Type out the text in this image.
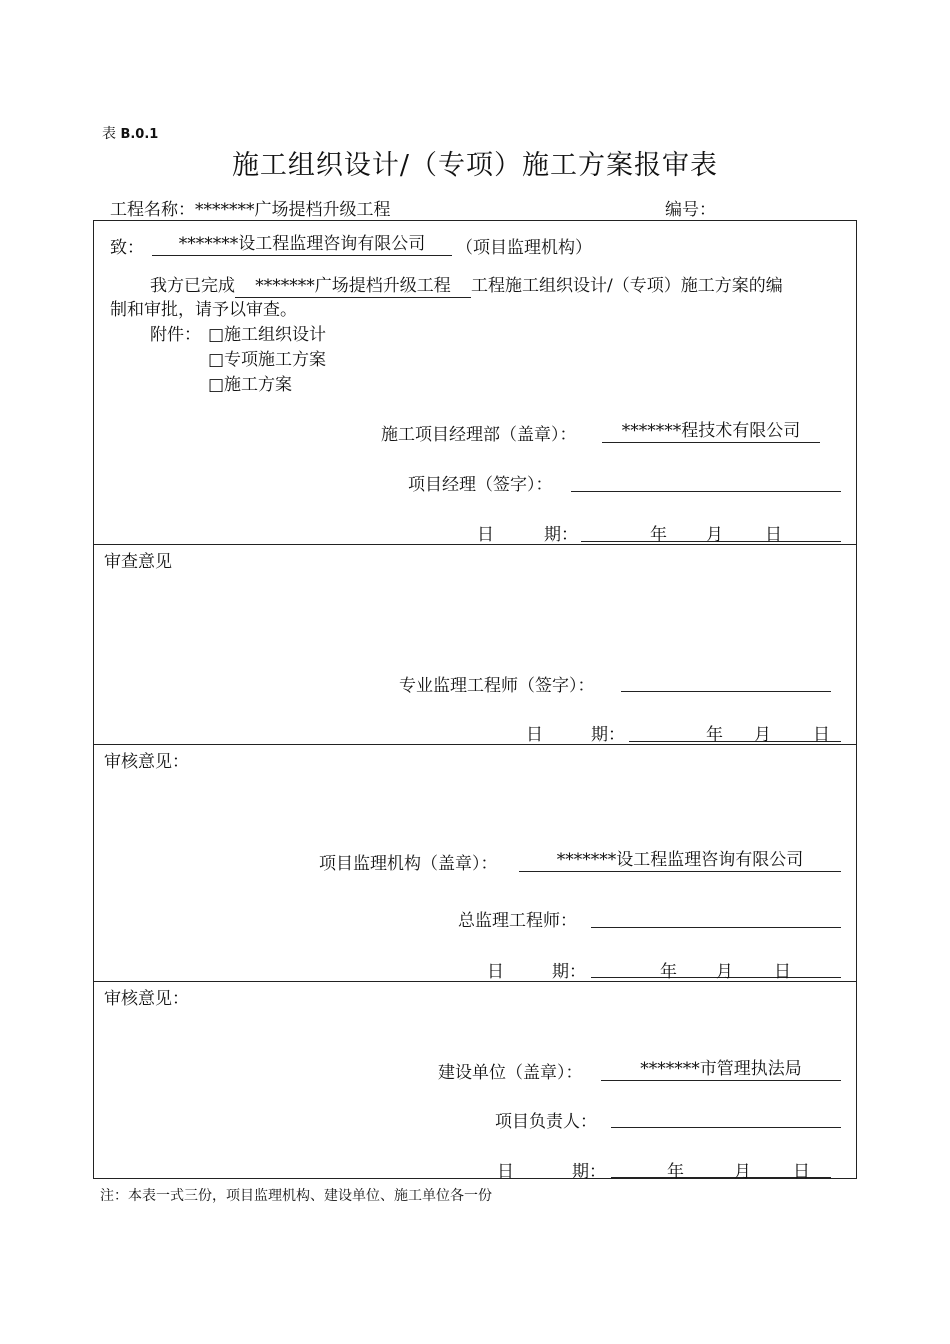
表 B.0.1
施工组织设计/（专项）施工方案报审表
工程名称：*******广场提档升级工程	编号：
致：	*******设工程监理咨询有限公司	（项目监理机构）
我方已完成 *******广场提档升级工程 工程施工组织设计/（专项）施工方案的编
制和审批，请予以审查。
附件： □施工组织设计
□专项施工方案
□施工方案
施工项目经理部（盖章）：	*******程技术有限公司
项目经理（签字）：
日	期：	年 月 日
审查意见
专业监理工程师（签字）：
日	期：	年 月 日
审核意见：
项目监理机构（盖章）：	*******设工程监理咨询有限公司
总监理工程师：
日	期：	年 月 日
审核意见：
建设单位（盖章）：	*******市管理执法局
项目负责人：
日	期：	年	月 日
注：本表一式三份，项目监理机构、建设单位、施工单位各一份
